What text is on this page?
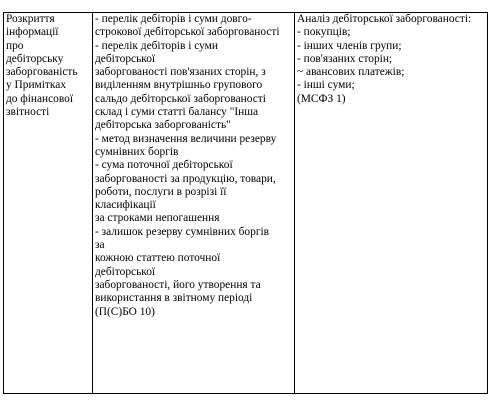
Розкриття
інформації
про
дебіторську
заборгованість
у Примітках
до фінансової
звітності
- перелік дебіторів і суми довго-
строкової дебіторської заборгованості
- перелік дебіторів і суми
дебіторської
заборгованості пов'язаних сторін, з
виділенням внутрішньо групового
сальдо дебіторської заборгованості
склад і суми статті балансу "Інша
дебіторська заборгованість"
- метод визначення величини резерву
сумнівних боргів
- сума поточної дебіторської
заборгованості за продукцію, товари,
роботи, послуги в розрізі її
класифікації
за строками непогашення
- залишок резерву сумнівних боргів
за
кожною статтею поточної
дебіторської
заборгованості, його утворення та
використання в звітному періоді
(П(С)БО 10)
Аналіз дебіторської заборгованості:
- покупців;
- інших членів групи;
- пов'язаних сторін;
~ авансових платежів;
- інші суми;
(МСФЗ 1)
